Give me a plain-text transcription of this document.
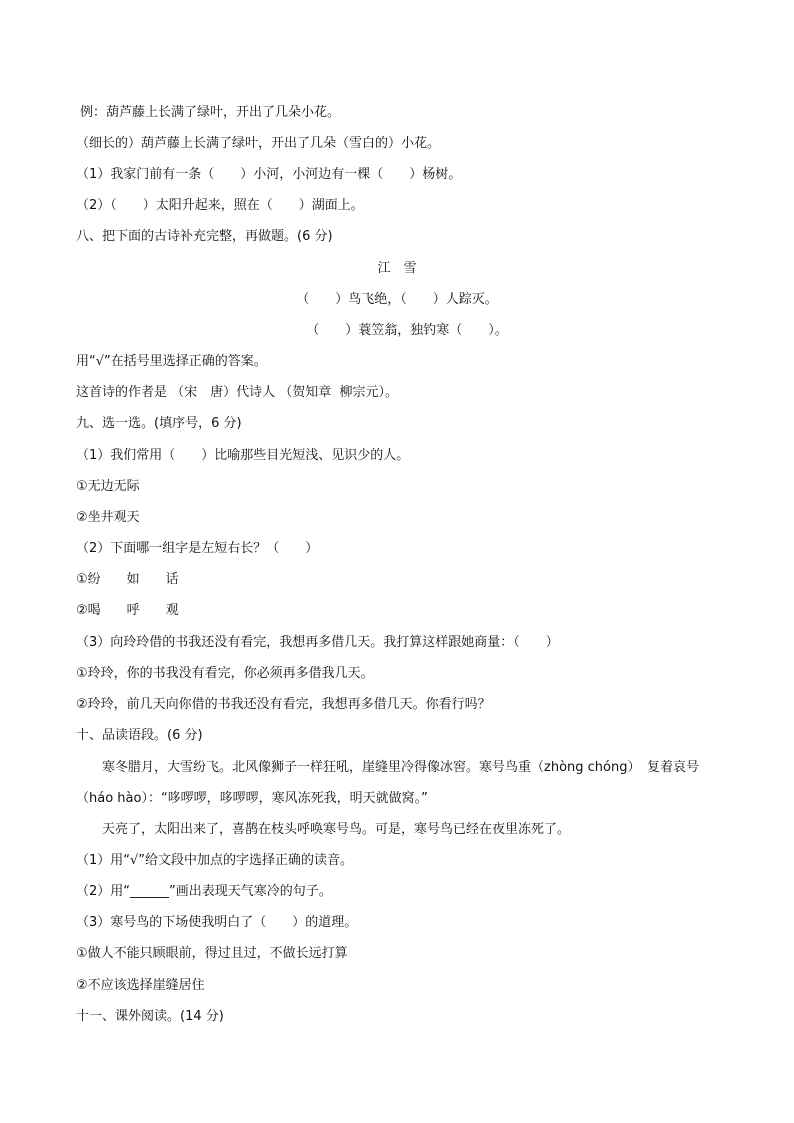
例：葫芦藤上长满了绿叶，开出了几朵小花。
（细长的）葫芦藤上长满了绿叶，开出了几朵（雪白的）小花。
（1）我家门前有一条（　　）小河，小河边有一棵（　　）杨树。
（2）（　　）太阳升起来，照在（　　）湖面上。
八、把下面的古诗补充完整，再做题。(6 分)
江　雪
（　　）鸟飞绝，（　　）人踪灭。
（　　）蓑笠翁，独钓寒（　　）。
用“√”在括号里选择正确的答案。
这首诗的作者是 （宋　唐）代诗人 （贺知章  柳宗元）。
九、选一选。(填序号，6 分)
（1）我们常用（　　）比喻那些目光短浅、见识少的人。
①无边无际
②坐井观天
（2）下面哪一组字是左短右长？（　　）
①纷　　如　　话
②喝　　呼　　观
（3）向玲玲借的书我还没有看完，我想再多借几天。我打算这样跟她商量：（　　）
①玲玲，你的书我没有看完，你必须再多借我几天。
②玲玲，前几天向你借的书我还没有看完，我想再多借几天。你看行吗？
十、品读语段。(6 分)
寒冬腊月，大雪纷飞。北风像狮子一样狂吼，崖缝里冷得像冰窖。寒号鸟重（zhòng chóng）　复着哀号（háo hào）：“哆啰啰，哆啰啰，寒风冻死我，明天就做窝。”
天亮了，太阳出来了，喜鹊在枝头呼唤寒号鸟。可是，寒号鸟已经在夜里冻死了。
（1）用“√”给文段中加点的字选择正确的读音。
（2）用“______”画出表现天气寒冷的句子。
（3）寒号鸟的下场使我明白了（　　）的道理。
①做人不能只顾眼前，得过且过，不做长远打算
②不应该选择崖缝居住
十一、课外阅读。(14 分)
